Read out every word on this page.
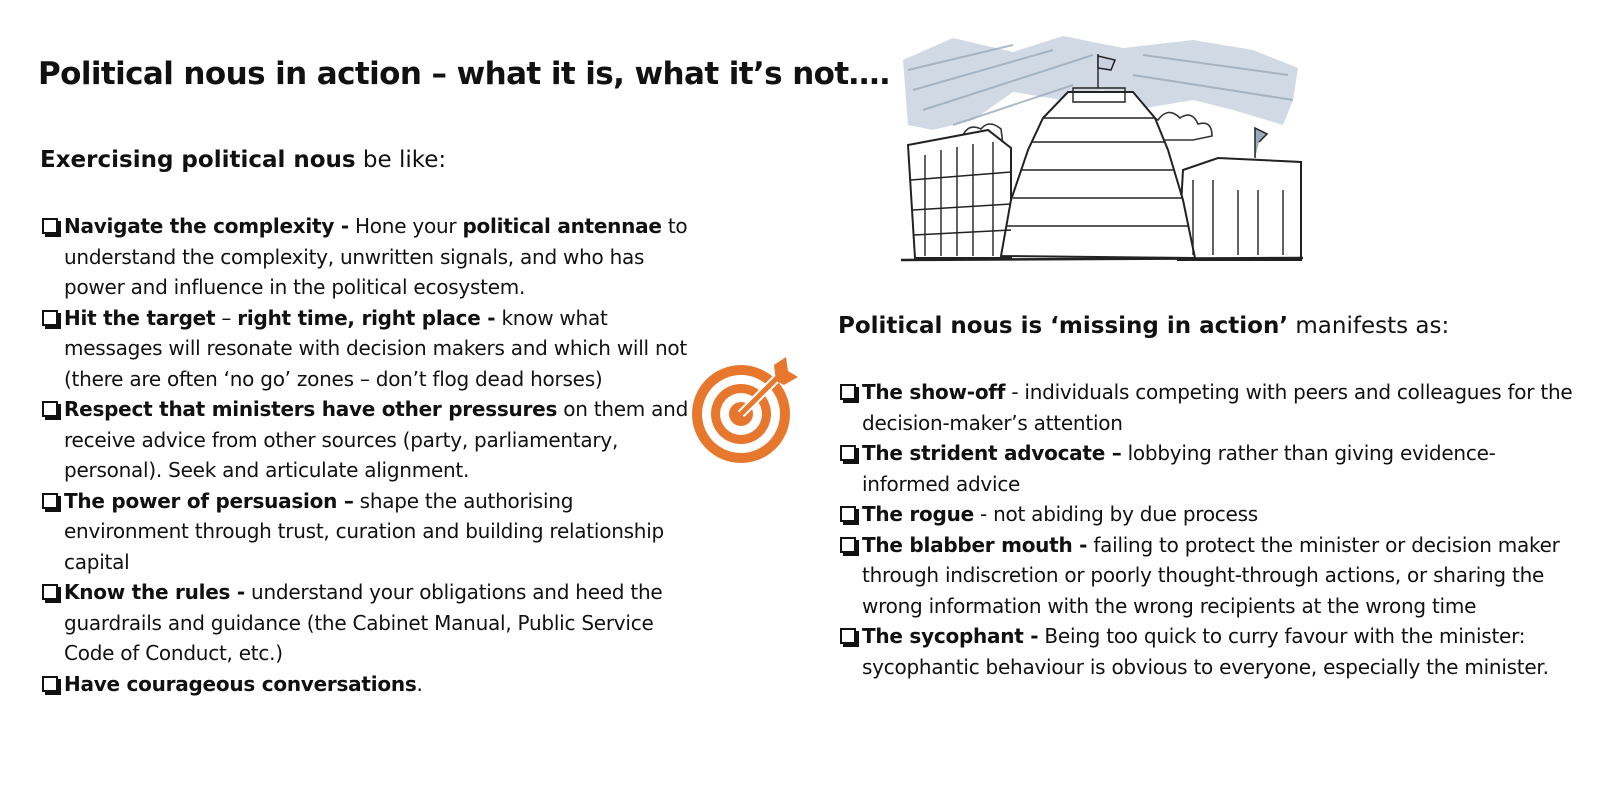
Political nous in action – what it is, what it’s not….
Exercising political nous be like:
Navigate the complexity - Hone your political antennae to understand the complexity, unwritten signals, and who has power and influence in the political ecosystem.
Hit the target – right time, right place - know what messages will resonate with decision makers and which will not (there are often ‘no go’ zones – don’t flog dead horses)
Respect that ministers have other pressures on them and receive advice from other sources (party, parliamentary, personal). Seek and articulate alignment.
The power of persuasion – shape the authorising environment through trust, curation and building relationship capital
Know the rules - understand your obligations and heed the guardrails and guidance (the Cabinet Manual, Public Service Code of Conduct, etc.)
Have courageous conversations.
Political nous is ‘missing in action’ manifests as:
The show-off - individuals competing with peers and colleagues for the decision-maker’s attention
The strident advocate – lobbying rather than giving evidence-informed advice
The rogue - not abiding by due process
The blabber mouth - failing to protect the minister or decision maker through indiscretion or poorly thought-through actions, or sharing the wrong information with the wrong recipients at the wrong time
The sycophant - Being too quick to curry favour with the minister: sycophantic behaviour is obvious to everyone, especially the minister.
